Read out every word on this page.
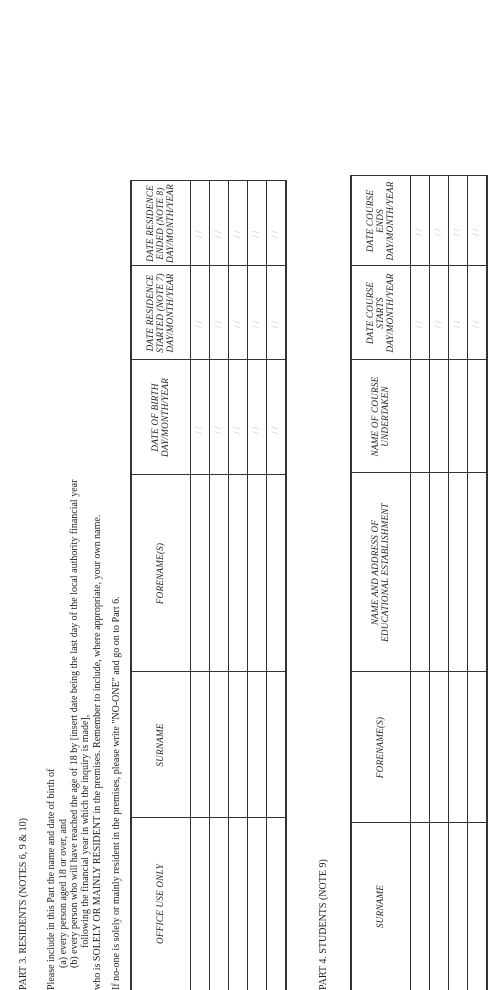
PART 3. RESIDENTS (NOTES 6, 9 & 10) Please include in this Part the name and date of birth of (a) every person aged 18 or over, and (b) every person who will have reached the age of 18 by [insert date being the last day of the local authority financial year following the financial year in which the inquiry is made], who is SOLELY OR MAINLY RESIDENT in the premises. Remember to include, where appropriate, your own name. If no-one is solely or mainly resident in the premises, please write "NO-ONE" and go on to Part 6.	OFFICE USE ONLY
SURNAME
FORENAME(S)
DATE OF BIRTH DAY/MONTH/YEAR
DATE RESIDENCE STARTED (NOTE 7) DAY/MONTH/YEAR
DATE RESIDENCE ENDED (NOTE 8) DAY/MONTH/YEAR
/ / / / / / / / / /
/ / / / / / / / / /
/ / / / / / / / / /
PART 4. STUDENTS (NOTE 9)	SURNAME
FORENAME(S)
NAME AND ADDRESS OF EDUCATIONAL ESTABLISHMENT
NAME OF COURSE UNDERTAKEN
DATE COURSE STARTS DAY/MONTH/YEAR
DATE COURSE ENDS DAY/MONTH/YEAR
/ / / / / / / /
/ / / / / / / /
